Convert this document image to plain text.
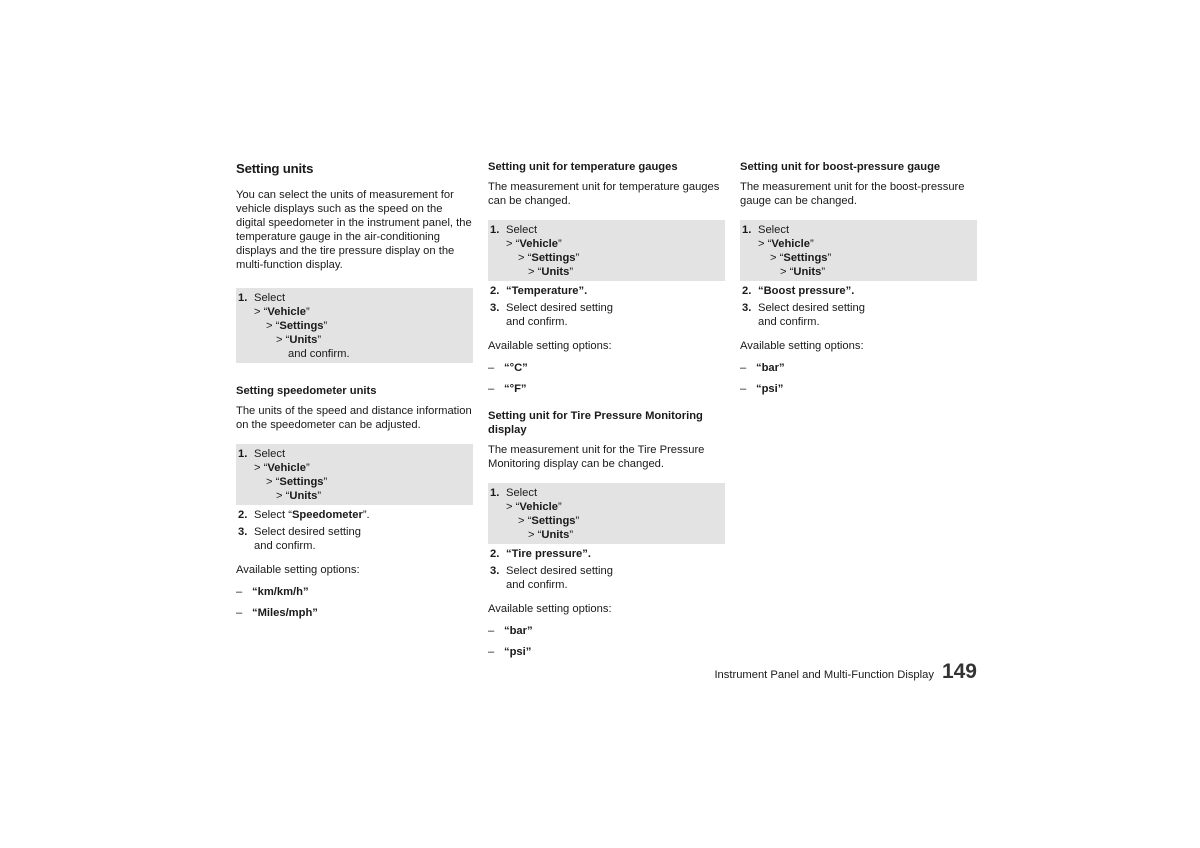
Setting units
You can select the units of measurement for vehicle displays such as the speed on the digital speedometer in the instrument panel, the temperature gauge in the air-conditioning displays and the tire pressure display on the multi-function display.
1. Select
> “ Vehicle ”
> “ Settings ”
> “ Units ”
and confirm.
Setting speedometer units
The units of the speed and distance information on the speedometer can be adjusted.
1. Select
> “ Vehicle ”
> “ Settings ”
> “ Units ”
2. Select “Speedometer”.
3. Select desired setting
and confirm.
Available setting options:
– “km/km/h”
– “Miles/mph”
Setting unit for temperature gauges
The measurement unit for temperature gauges can be changed.
1. Select
> “ Vehicle ”
> “ Settings ”
> “ Units ”
2. “Temperature”.
3. Select desired setting
and confirm.
Available setting options:
– “°C”
– “°F”
Setting unit for Tire Pressure Monitoring display
The measurement unit for the Tire Pressure Monitoring display can be changed.
1. Select
> “ Vehicle ”
> “ Settings ”
> “ Units ”
2. “Tire pressure”.
3. Select desired setting
and confirm.
Available setting options:
– “bar”
– “psi”
Setting unit for boost-pressure gauge
The measurement unit for the boost-pressure gauge can be changed.
1. Select
> “ Vehicle ”
> “ Settings ”
> “ Units ”
2. “Boost pressure”.
3. Select desired setting
and confirm.
Available setting options:
– “bar”
– “psi”
Instrument Panel and Multi-Function Display 149
